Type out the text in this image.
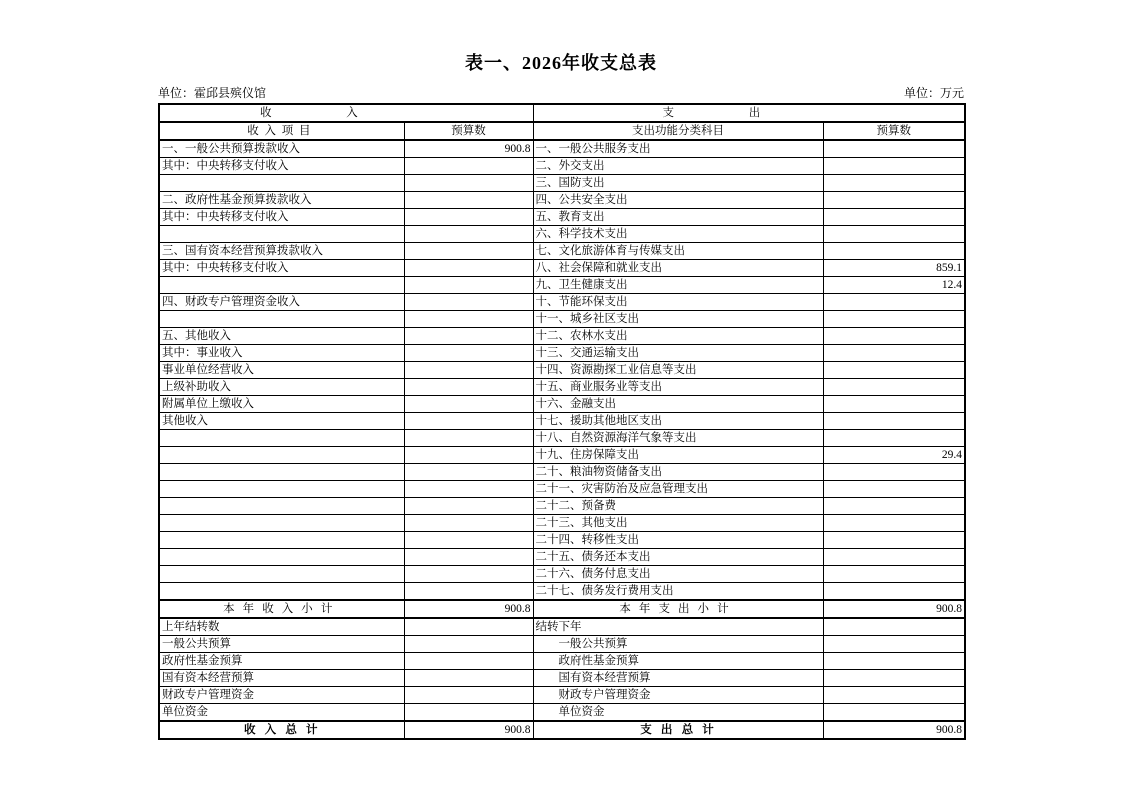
表一、2026年收支总表
单位：霍邱县殡仪馆	单位：万元
收入		支出	
收入项目	预算数	支出功能分类科目	预算数
一、一般公共预算拨款收入	900.8	一、一般公共服务支出	
其中：中央转移支付收入		二、外交支出	
		三、国防支出	
二、政府性基金预算拨款收入		四、公共安全支出	
其中：中央转移支付收入		五、教育支出	
		六、科学技术支出	
三、国有资本经营预算拨款收入		七、文化旅游体育与传媒支出	
其中：中央转移支付收入		八、社会保障和就业支出	859.1
		九、卫生健康支出	12.4
四、财政专户管理资金收入		十、节能环保支出	
		十一、城乡社区支出	
五、其他收入		十二、农林水支出	
其中：事业收入		十三、交通运输支出	
事业单位经营收入		十四、资源勘探工业信息等支出	
上级补助收入		十五、商业服务业等支出	
附属单位上缴收入		十六、金融支出	
其他收入		十七、援助其他地区支出	
		十八、自然资源海洋气象等支出	
		十九、住房保障支出	29.4
		二十、粮油物资储备支出	
		二十一、灾害防治及应急管理支出	
		二十二、预备费	
		二十三、其他支出	
		二十四、转移性支出	
		二十五、债务还本支出	
		二十六、债务付息支出	
		二十七、债务发行费用支出	
本年收入小计	900.8	本年支出小计	900.8
上年结转数		结转下年	
一般公共预算		一般公共预算	
政府性基金预算		政府性基金预算	
国有资本经营预算		国有资本经营预算	
财政专户管理资金		财政专户管理资金	
单位资金		单位资金	
收入总计	900.8	支出总计	900.8
